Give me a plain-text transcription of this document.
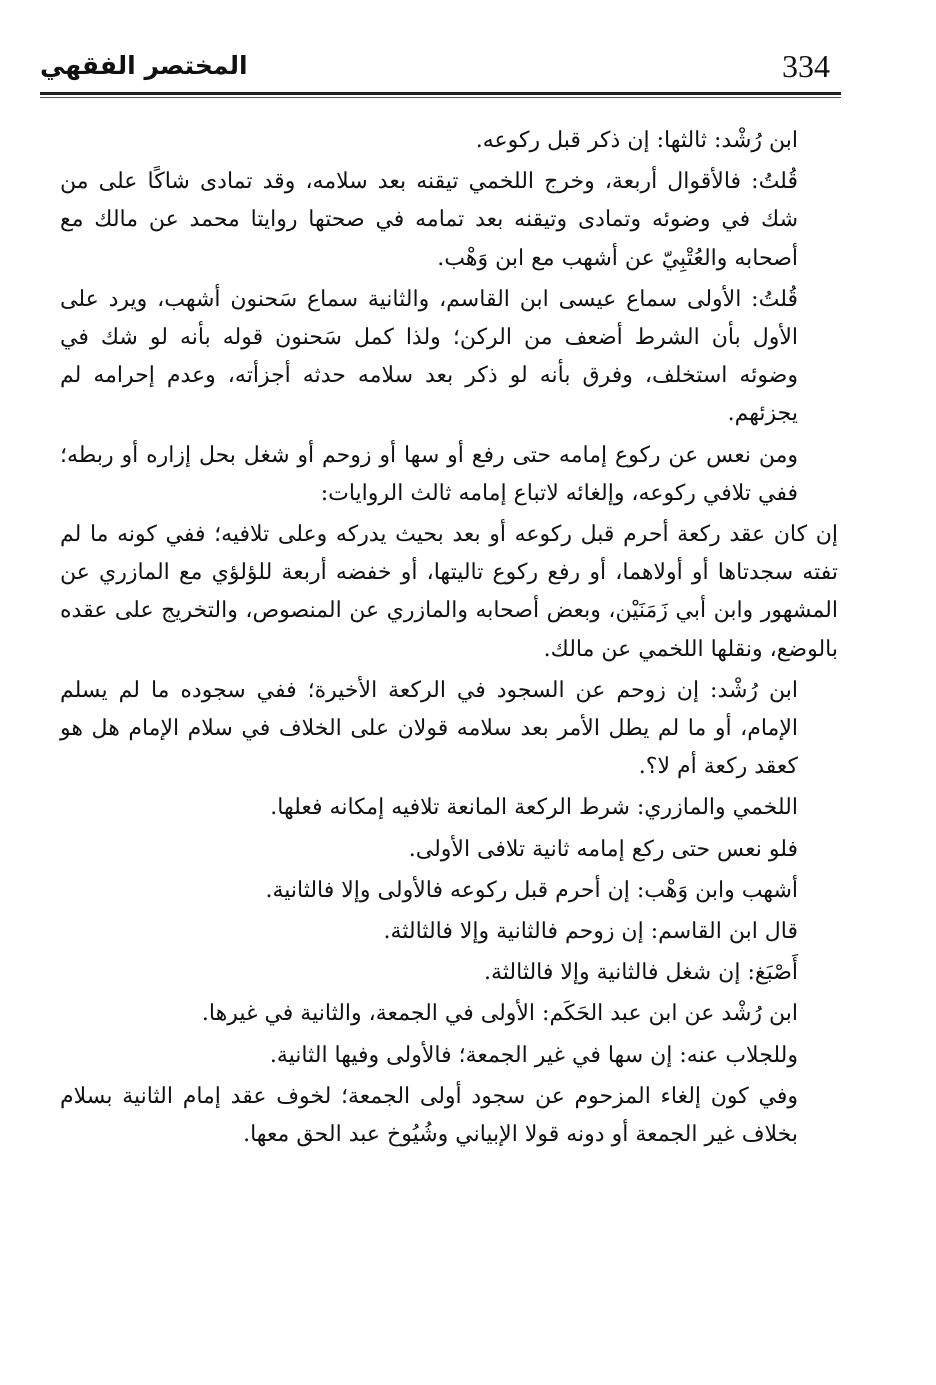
334
المختصر الفقهي

ابن رُشْد: ثالثها: إن ذكر قبل ركوعه.

قُلتُ: فالأقوال أربعة، وخرج اللخمي تيقنه بعد سلامه، وقد تمادى شاكًا على من شك في وضوئه وتمادى وتيقنه بعد تمامه في صحتها روايتا محمد عن مالك مع أصحابه والعُتْبِيّ عن أشهب مع ابن وَهْب.

قُلتُ: الأولى سماع عيسى ابن القاسم، والثانية سماع سَحنون أشهب، ويرد على الأول بأن الشرط أضعف من الركن؛ ولذا كمل سَحنون قوله بأنه لو شك في وضوئه استخلف، وفرق بأنه لو ذكر بعد سلامه حدثه أجزأته، وعدم إحرامه لم يجزئهم.

ومن نعس عن ركوع إمامه حتى رفع أو سها أو زوحم أو شغل بحل إزاره أو ربطه؛ ففي تلافي ركوعه، وإلغائه لاتباع إمامه ثالث الروايات:

إن كان عقد ركعة أحرم قبل ركوعه أو بعد بحيث يدركه وعلى تلافيه؛ ففي كونه ما لم تفته سجدتاها أو أولاهما، أو رفع ركوع تاليتها، أو خفضه أربعة للؤلؤي مع المازري عن المشهور وابن أبي زَمَنَيْن، وبعض أصحابه والمازري عن المنصوص، والتخريج على عقده بالوضع، ونقلها اللخمي عن مالك.

ابن رُشْد: إن زوحم عن السجود في الركعة الأخيرة؛ ففي سجوده ما لم يسلم الإمام، أو ما لم يطل الأمر بعد سلامه قولان على الخلاف في سلام الإمام هل هو كعقد ركعة أم لا؟.

اللخمي والمازري: شرط الركعة المانعة تلافيه إمكانه فعلها.

فلو نعس حتى ركع إمامه ثانية تلافى الأولى.

أشهب وابن وَهْب: إن أحرم قبل ركوعه فالأولى وإلا فالثانية.

قال ابن القاسم: إن زوحم فالثانية وإلا فالثالثة.

أَصْبَغ: إن شغل فالثانية وإلا فالثالثة.

ابن رُشْد عن ابن عبد الحَكَم: الأولى في الجمعة، والثانية في غيرها.

وللجلاب عنه: إن سها في غير الجمعة؛ فالأولى وفيها الثانية.

وفي كون إلغاء المزحوم عن سجود أولى الجمعة؛ لخوف عقد إمام الثانية بسلام بخلاف غير الجمعة أو دونه قولا الإبياني وشُيُوخ عبد الحق معها.
